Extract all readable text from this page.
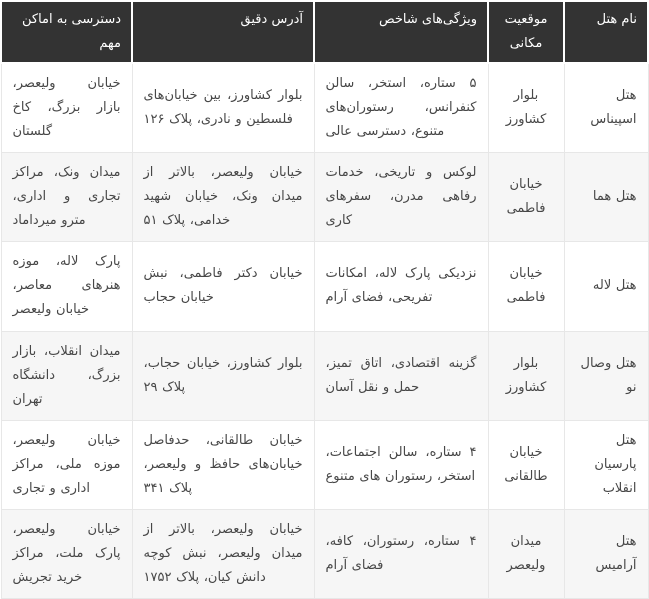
نام هتل	موقعیت مکانی	ویژگی‌های شاخص	آدرس دقیق	دسترسی به اماکن مهم
هتل اسپیناس	بلوار کشاورز	۵ ستاره، استخر، سالن کنفرانس، رستوران‌های متنوع، دسترسی عالی	بلوار کشاورز، بین خیابان‌های فلسطین و نادری، پلاک ۱۲۶	خیابان ولیعصر، بازار بزرگ، کاخ گلستان
هتل هما	خیابان فاطمی	لوکس و تاریخی، خدمات رفاهی مدرن، سفرهای کاری	خیابان ولیعصر، بالاتر از میدان ونک، خیابان شهید خدامی، پلاک ۵۱	میدان ونک، مراکز تجاری و اداری، مترو میرداماد
هتل لاله	خیابان فاطمی	نزدیکی پارک لاله، امکانات تفریحی، فضای آرام	خیابان دکتر فاطمی، نبش خیابان حجاب	پارک لاله، موزه هنرهای معاصر، خیابان ولیعصر
هتل وصال نو	بلوار کشاورز	گزینه اقتصادی، اتاق تمیز، حمل و نقل آسان	بلوار کشاورز، خیابان حجاب، پلاک ۲۹	میدان انقلاب، بازار بزرگ، دانشگاه تهران
هتل پارسیان انقلاب	خیابان طالقانی	۴ ستاره، سالن اجتماعات، استخر، رستوران های متنوع	خیابان طالقانی، حدفاصل خیابان‌های حافظ و ولیعصر، پلاک ۳۴۱	خیابان ولیعصر، موزه ملی، مراکز اداری و تجاری
هتل آرامیس	میدان ولیعصر	۴ ستاره، رستوران، کافه، فضای آرام	خیابان ولیعصر، بالاتر از میدان ولیعصر، نبش کوچه دانش کیان، پلاک ۱۷۵۲	خیابان ولیعصر، پارک ملت، مراکز خرید تجریش
